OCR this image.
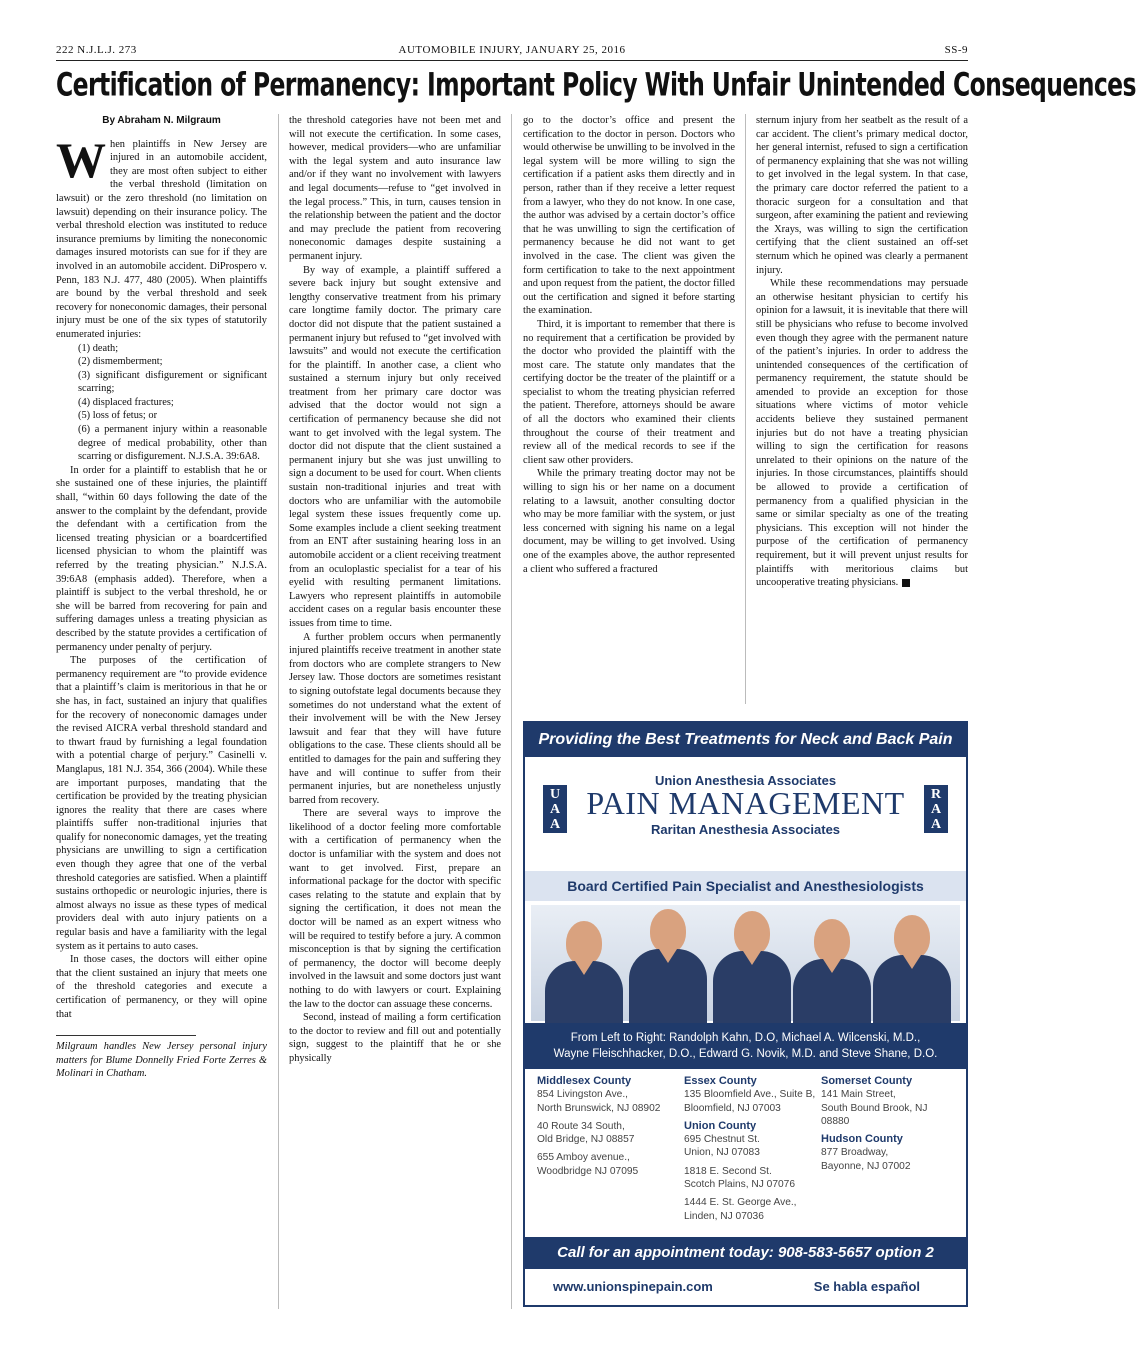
222 N.J.L.J. 273	AUTOMOBILE INJURY, JANUARY 25, 2016	SS-9
Certification of Permanency: Important Policy With Unfair Unintended Consequences
By Abraham N. Milgraum
W hen plaintiffs in New Jersey are injured in an automobile accident, they are most often subject to either the verbal threshold (limitation on lawsuit) or the zero threshold (no limitation on lawsuit) depending on their insurance policy. The verbal threshold election was instituted to reduce insurance premiums by limiting the noneconomic damages insured motorists can sue for if they are involved in an automobile accident. DiProspero v. Penn, 183 N.J. 477, 480 (2005). When plaintiffs are bound by the verbal threshold and seek recovery for noneconomic damages, their personal injury must be one of the six types of statutorily enumerated injuries:

(1) death;

(2) dismemberment;

(3) significant disfigurement or significant scarring;

(4) displaced fractures;

(5) loss of fetus; or

(6) a permanent injury within a reasonable degree of medical probability, other than scarring or disfigurement. N.J.S.A. 39:6A8.

In order for a plaintiff to establish that he or she sustained one of these injuries, the plaintiff shall, “within 60 days following the date of the answer to the complaint by the defendant, provide the defendant with a certification from the licensed treating physician or a boardcertified licensed physician to whom the plaintiff was referred by the treating physician.” N.J.S.A. 39:6A8 (emphasis added). Therefore, when a plaintiff is subject to the verbal threshold, he or she will be barred from recovering for pain and suffering damages unless a treating physician as described by the statute provides a certification of permanency under penalty of perjury.

The purposes of the certification of permanency requirement are “to provide evidence that a plaintiff’s claim is meritorious in that he or she has, in fact, sustained an injury that qualifies for the recovery of noneconomic damages under the revised AICRA verbal threshold standard and to thwart fraud by furnishing a legal foundation with a potential charge of perjury.” Casinelli v. Manglapus, 181 N.J. 354, 366 (2004). While these are important purposes, mandating that the certification be provided by the treating physician ignores the reality that there are cases where plaintiffs suffer non-traditional injuries that qualify for noneconomic damages, yet the treating physicians are unwilling to sign a certification even though they agree that one of the verbal threshold categories are satisfied. When a plaintiff sustains orthopedic or neurologic injuries, there is almost always no issue as these types of medical providers deal with auto injury patients on a regular basis and have a familiarity with the legal system as it pertains to auto cases.

In those cases, the doctors will either opine that the client sustained an injury that meets one of the threshold categories and execute a certification of permanency, or they will opine that

Milgraum handles New Jersey personal injury matters for Blume Donnelly Fried Forte Zerres & Molinari in Chatham.

the threshold categories have not been met and will not execute the certification. In some cases, however, medical providers—who are unfamiliar with the legal system and auto insurance law and/or if they want no involvement with lawyers and legal documents—refuse to “get involved in the legal process.” This, in turn, causes tension in the relationship between the patient and the doctor and may preclude the patient from recovering noneconomic damages despite sustaining a permanent injury.

By way of example, a plaintiff suffered a severe back injury but sought extensive and lengthy conservative treatment from his primary care longtime family doctor. The primary care doctor did not dispute that the patient sustained a permanent injury but refused to “get involved with lawsuits” and would not execute the certification for the plaintiff. In another case, a client who sustained a sternum injury but only received treatment from her primary care doctor was advised that the doctor would not sign a certification of permanency because she did not want to get involved with the legal system. The doctor did not dispute that the client sustained a permanent injury but she was just unwilling to sign a document to be used for court. When clients sustain non-traditional injuries and treat with doctors who are unfamiliar with the automobile legal system these issues frequently come up. Some examples include a client seeking treatment from an ENT after sustaining hearing loss in an automobile accident or a client receiving treatment from an oculoplastic specialist for a tear of his eyelid with resulting permanent limitations. Lawyers who represent plaintiffs in automobile accident cases on a regular basis encounter these issues from time to time.

A further problem occurs when permanently injured plaintiffs receive treatment in another state from doctors who are complete strangers to New Jersey law. Those doctors are sometimes resistant to signing outofstate legal documents because they sometimes do not understand what the extent of their involvement will be with the New Jersey lawsuit and fear that they will have future obligations to the case. These clients should all be entitled to damages for the pain and suffering they have and will continue to suffer from their permanent injuries, but are nonetheless unjustly barred from recovery.

There are several ways to improve the likelihood of a doctor feeling more comfortable with a certification of permanency when the doctor is unfamiliar with the system and does not want to get involved. First, prepare an informational package for the doctor with specific cases relating to the statute and explain that by signing the certification, it does not mean the doctor will be named as an expert witness who will be required to testify before a jury. A common misconception is that by signing the certification of permanency, the doctor will become deeply involved in the lawsuit and some doctors just want nothing to do with lawyers or court. Explaining the law to the doctor can assuage these concerns.

Second, instead of mailing a form certification to the doctor to review and fill out and potentially sign, suggest to the plaintiff that he or she physically

go to the doctor’s office and present the certification to the doctor in person. Doctors who would otherwise be unwilling to be involved in the legal system will be more willing to sign the certification if a patient asks them directly and in person, rather than if they receive a letter request from a lawyer, who they do not know. In one case, the author was advised by a certain doctor’s office that he was unwilling to sign the certification of permanency because he did not want to get involved in the case. The client was given the form certification to take to the next appointment and upon request from the patient, the doctor filled out the certification and signed it before starting the examination.

Third, it is important to remember that there is no requirement that a certification be provided by the doctor who provided the plaintiff with the most care. The statute only mandates that the certifying doctor be the treater of the plaintiff or a specialist to whom the treating physician referred the patient. Therefore, attorneys should be aware of all the doctors who examined their clients throughout the course of their treatment and review all of the medical records to see if the client saw other providers.

While the primary treating doctor may not be willing to sign his or her name on a document relating to a lawsuit, another consulting doctor who may be more familiar with the system, or just less concerned with signing his name on a legal document, may be willing to get involved. Using one of the examples above, the author represented a client who suffered a fractured

sternum injury from her seatbelt as the result of a car accident. The client’s primary medical doctor, her general internist, refused to sign a certification of permanency explaining that she was not willing to get involved in the legal system. In that case, the primary care doctor referred the patient to a thoracic surgeon for a consultation and that surgeon, after examining the patient and reviewing the Xrays, was willing to sign the certification certifying that the client sustained an off-set sternum which he opined was clearly a permanent injury.

While these recommendations may persuade an otherwise hesitant physician to certify his opinion for a lawsuit, it is inevitable that there will still be physicians who refuse to become involved even though they agree with the permanent nature of the patient’s injuries. In order to address the unintended consequences of the certification of permanency requirement, the statute should be amended to provide an exception for those situations where victims of motor vehicle accidents believe they sustained permanent injuries but do not have a treating physician willing to sign the certification for reasons unrelated to their opinions on the nature of the injuries. In those circumstances, plaintiffs should be allowed to provide a certification of permanency from a qualified physician in the same or similar specialty as one of the treating physicians. This exception will not hinder the purpose of the certification of permanency requirement, but it will prevent unjust results for plaintiffs with meritorious claims but uncooperative treating physicians.

Providing the Best Treatments for Neck and Back Pain
U
A
A
Union Anesthesia Associates
PAIN MANAGEMENT
Raritan Anesthesia Associates
R
A
A
Board Certified Pain Specialist and Anesthesiologists
From Left to Right: Randolph Kahn, D.O, Michael A. Wilcenski, M.D.,
Wayne Fleischhacker, D.O., Edward G. Novik, M.D. and Steve Shane, D.O.
Middlesex County
854 Livingston Ave.,
North Brunswick, NJ 08902
40 Route 34 South,
Old Bridge, NJ 08857
655 Amboy avenue.,
Woodbridge NJ 07095
Essex County
135 Bloomfield Ave., Suite B,
Bloomfield, NJ 07003
Union County
695 Chestnut St.
Union, NJ 07083
1818 E. Second St.
Scotch Plains, NJ 07076
1444 E. St. George Ave.,
Linden, NJ 07036
Somerset County
141 Main Street,
South Bound Brook, NJ 08880
Hudson County
877 Broadway,
Bayonne, NJ 07002
Call for an appointment today: 908-583-5657 option 2
www.unionspinepain.com	Se habla español
